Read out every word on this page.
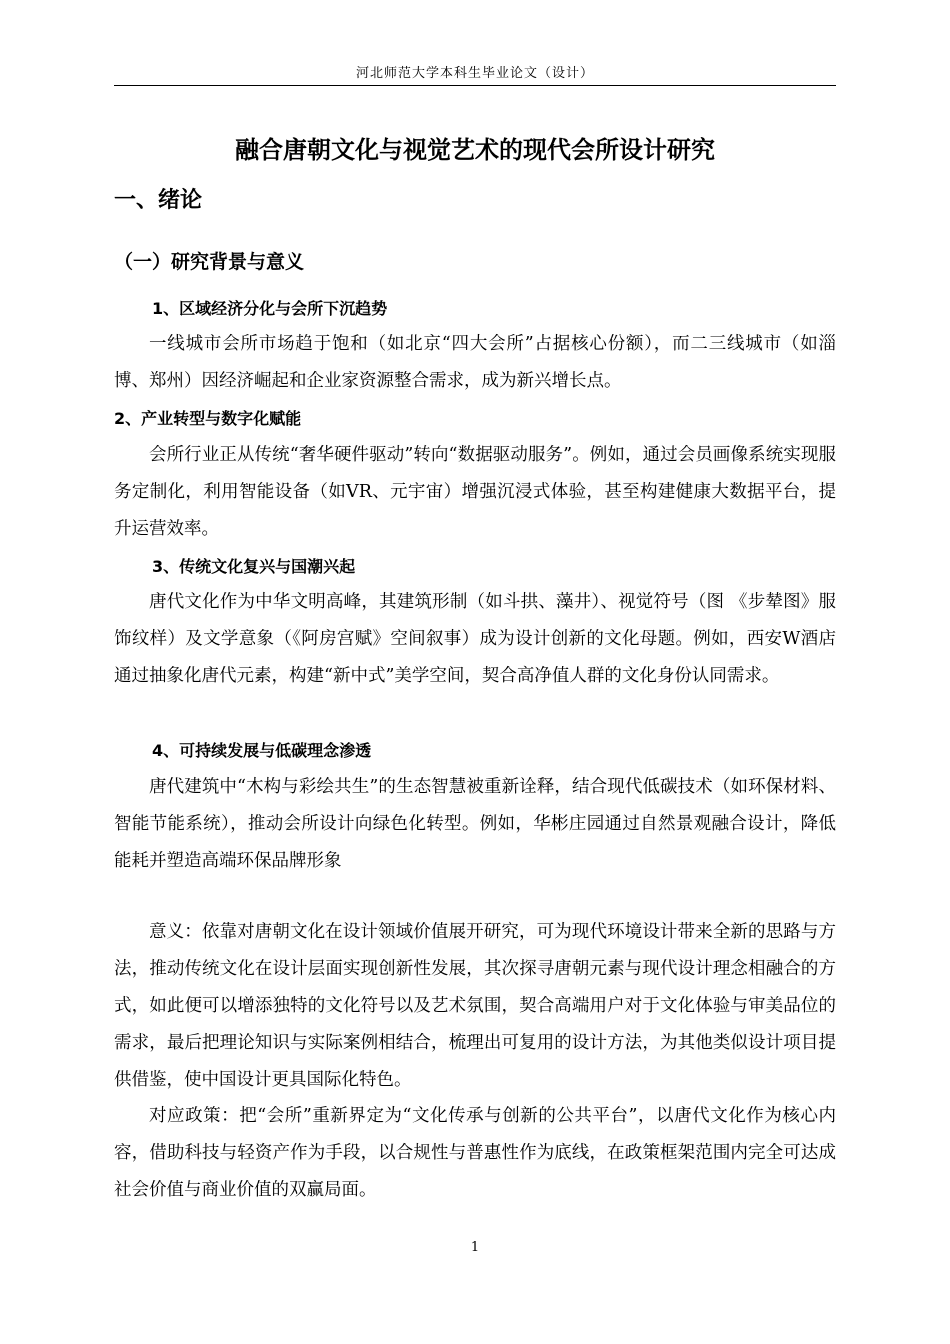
河北师范大学本科生毕业论文（设计）
融合唐朝文化与视觉艺术的现代会所设计研究
一、绪论
（一）研究背景与意义
1、区域经济分化与会所下沉趋势
一线城市会所市场趋于饱和（如北京“四大会所”占据核心份额），而二三线城市（如淄博、郑州）因经济崛起和企业家资源整合需求，成为新兴增长点。
2、产业转型与数字化赋能
会所行业正从传统“奢华硬件驱动”转向“数据驱动服务”。例如，通过会员画像系统实现服务定制化，利用智能设备（如VR、元宇宙）增强沉浸式体验，甚至构建健康大数据平台，提升运营效率。
3、传统文化复兴与国潮兴起
唐代文化作为中华文明高峰，其建筑形制（如斗拱、藻井）、视觉符号（图 《步辇图》服饰纹样）及文学意象（《阿房宫赋》空间叙事）成为设计创新的文化母题。例如，西安W酒店通过抽象化唐代元素，构建“新中式”美学空间，契合高净值人群的文化身份认同需求。
4、可持续发展与低碳理念渗透
唐代建筑中“木构与彩绘共生”的生态智慧被重新诠释，结合现代低碳技术（如环保材料、智能节能系统），推动会所设计向绿色化转型。例如，华彬庄园通过自然景观融合设计，降低能耗并塑造高端环保品牌形象
意义：依靠对唐朝文化在设计领域价值展开研究，可为现代环境设计带来全新的思路与方法，推动传统文化在设计层面实现创新性发展，其次探寻唐朝元素与现代设计理念相融合的方式，如此便可以增添独特的文化符号以及艺术氛围，契合高端用户对于文化体验与审美品位的需求，最后把理论知识与实际案例相结合，梳理出可复用的设计方法，为其他类似设计项目提供借鉴，使中国设计更具国际化特色。
对应政策：把“会所”重新界定为“文化传承与创新的公共平台”，以唐代文化作为核心内容，借助科技与轻资产作为手段，以合规性与普惠性作为底线，在政策框架范围内完全可达成社会价值与商业价值的双赢局面。
1
